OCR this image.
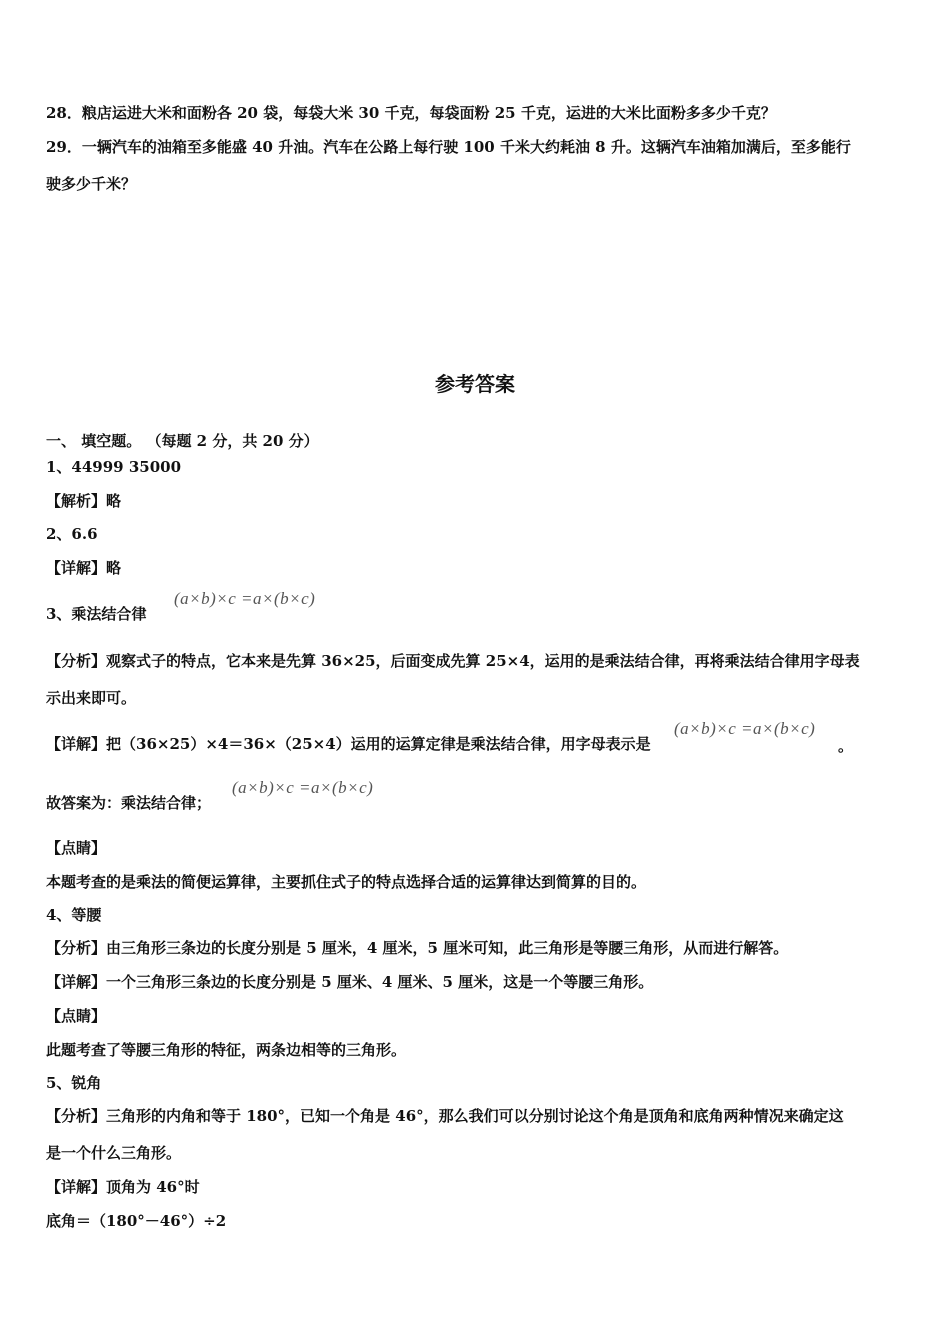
28．粮店运进大米和面粉各 20 袋，每袋大米 30 千克，每袋面粉 25 千克，运进的大米比面粉多多少千克？
29．一辆汽车的油箱至多能盛 40 升油。汽车在公路上每行驶 100 千米大约耗油 8 升。这辆汽车油箱加满后，至多能行
驶多少千米？
参考答案
一、 填空题。 （每题 2 分，共 20 分）
1、44999 35000
【解析】略
2、6.6
【详解】略
(a×b)×c =a×(b×c)
3、乘法结合律
【分析】观察式子的特点，它本来是先算 36×25，后面变成先算 25×4，运用的是乘法结合律，再将乘法结合律用字母表
示出来即可。
【详解】把（36×25）×4＝36×（25×4）运用的运算定律是乘法结合律，用字母表示是
(a×b)×c =a×(b×c)
。
(a×b)×c =a×(b×c)
故答案为：乘法结合律；
【点睛】
本题考查的是乘法的简便运算律，主要抓住式子的特点选择合适的运算律达到简算的目的。
4、等腰
【分析】由三角形三条边的长度分别是 5 厘米，4 厘米，5 厘米可知，此三角形是等腰三角形，从而进行解答。
【详解】一个三角形三条边的长度分别是 5 厘米、4 厘米、5 厘米，这是一个等腰三角形。
【点睛】
此题考查了等腰三角形的特征，两条边相等的三角形。
5、锐角
【分析】三角形的内角和等于 180°，已知一个角是 46°，那么我们可以分别讨论这个角是顶角和底角两种情况来确定这
是一个什么三角形。
【详解】顶角为 46°时
底角＝（180°－46°）÷2
